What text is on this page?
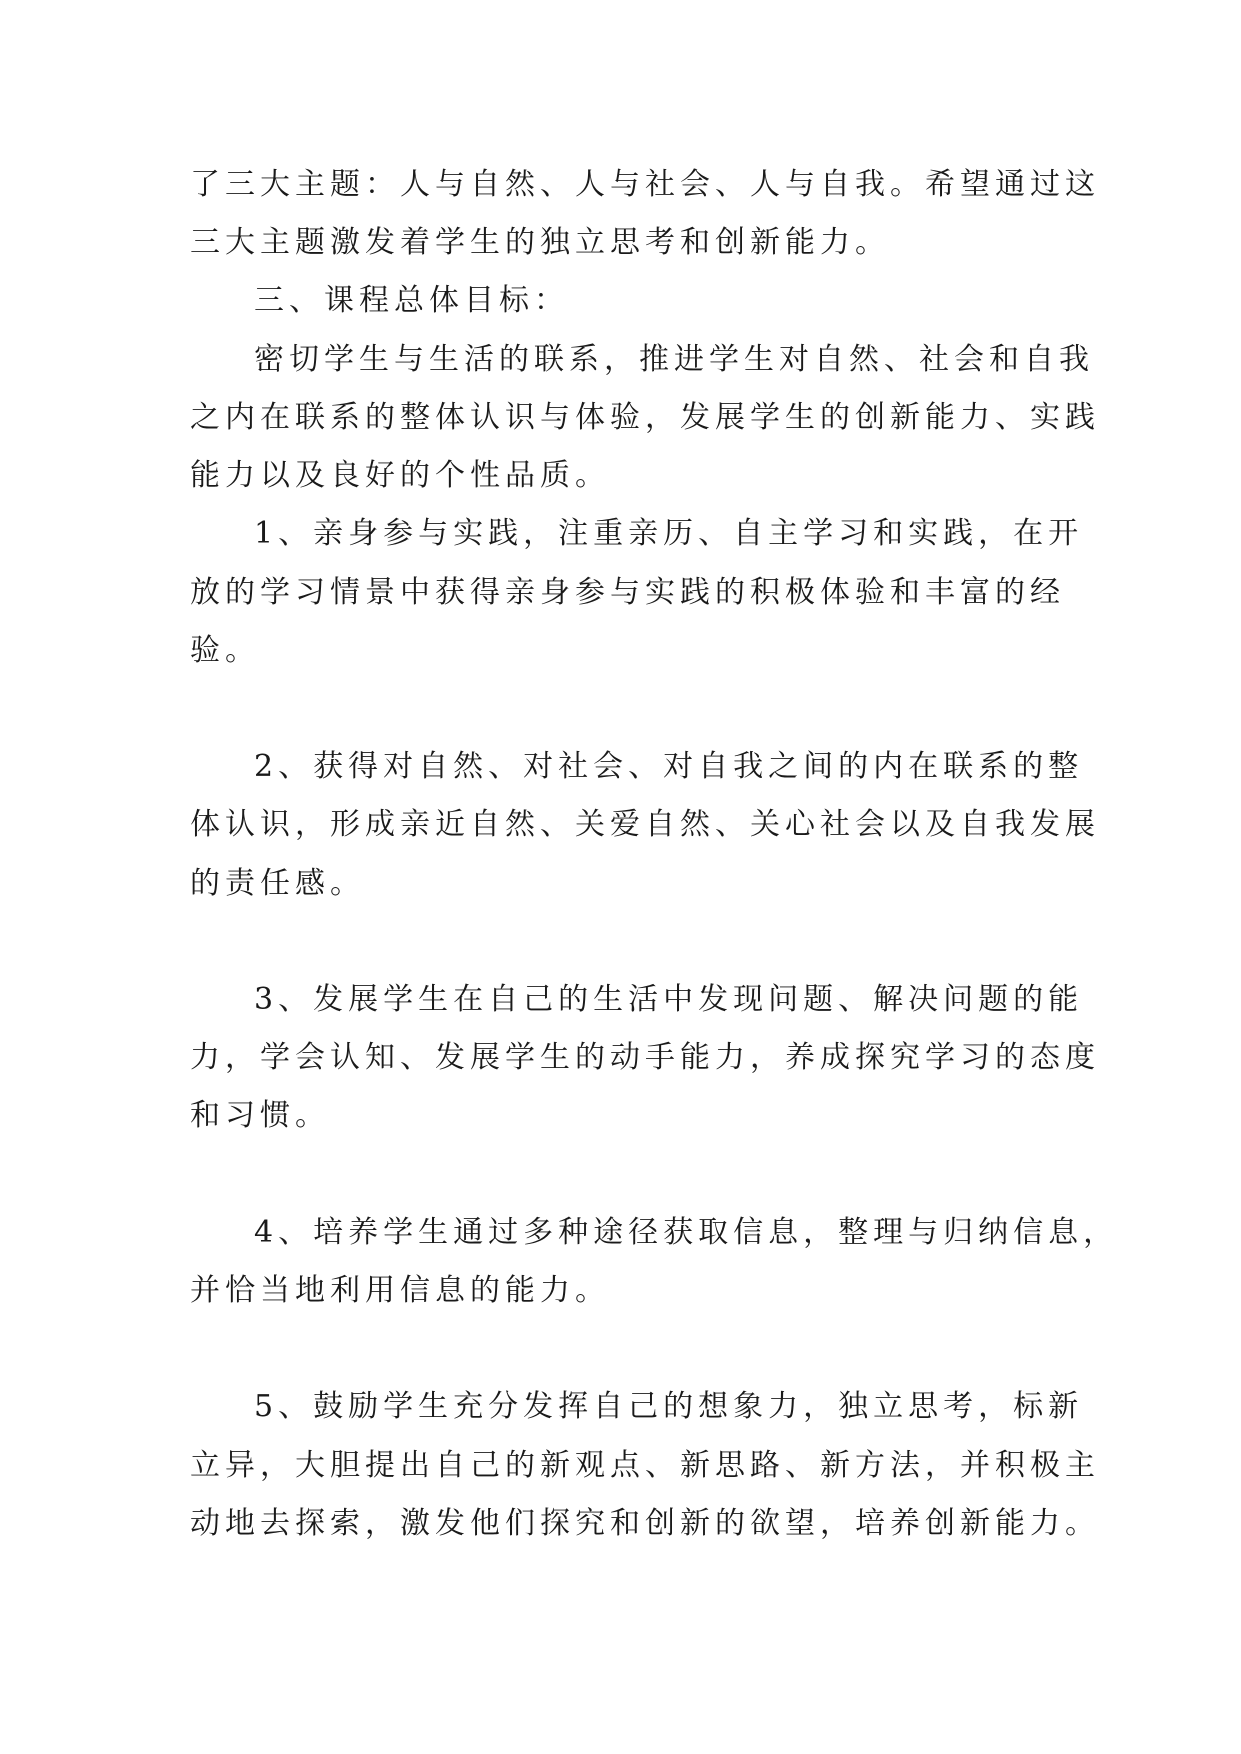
了三大主题：人与自然、人与社会、人与自我。希望通过这
三大主题激发着学生的独立思考和创新能力。
三、课程总体目标：
密切学生与生活的联系，推进学生对自然、社会和自我
之内在联系的整体认识与体验，发展学生的创新能力、实践
能力以及良好的个性品质。
1、亲身参与实践，注重亲历、自主学习和实践，在开
放的学习情景中获得亲身参与实践的积极体验和丰富的经
验。
2、获得对自然、对社会、对自我之间的内在联系的整
体认识，形成亲近自然、关爱自然、关心社会以及自我发展
的责任感。
3、发展学生在自己的生活中发现问题、解决问题的能
力，学会认知、发展学生的动手能力，养成探究学习的态度
和习惯。
4、培养学生通过多种途径获取信息，整理与归纳信息，
并恰当地利用信息的能力。
5、鼓励学生充分发挥自己的想象力，独立思考，标新
立异，大胆提出自己的新观点、新思路、新方法，并积极主
动地去探索，激发他们探究和创新的欲望，培养创新能力。
